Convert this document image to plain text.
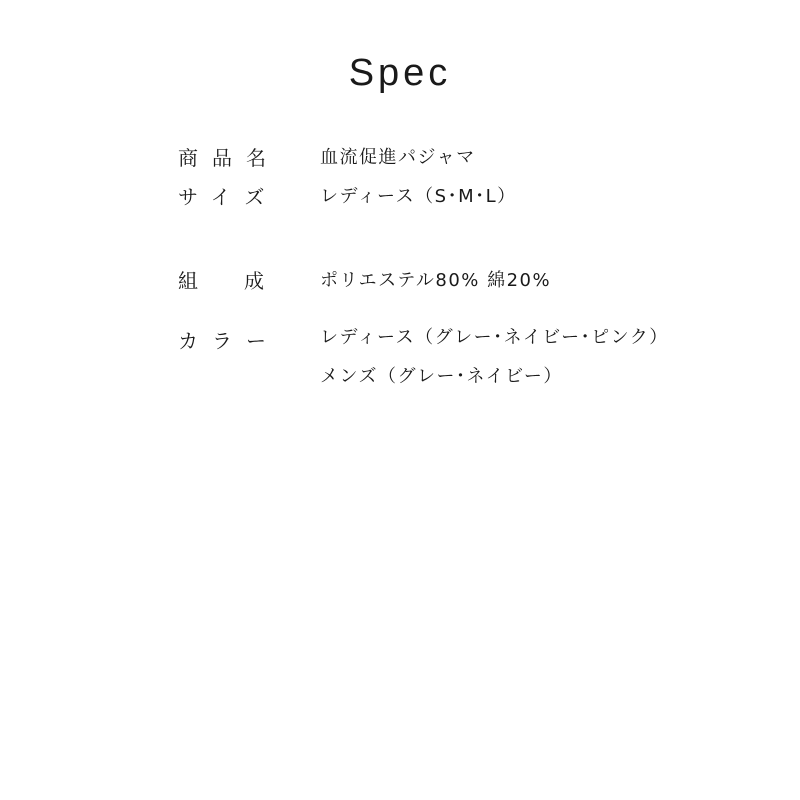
Spec
商品名 血流促進パジャマ
サイズ レディース（S･M･L）
組成 ポリエステル80% 綿20%
カラー レディース（グレー･ネイビー･ピンク）
メンズ（グレー･ネイビー）
